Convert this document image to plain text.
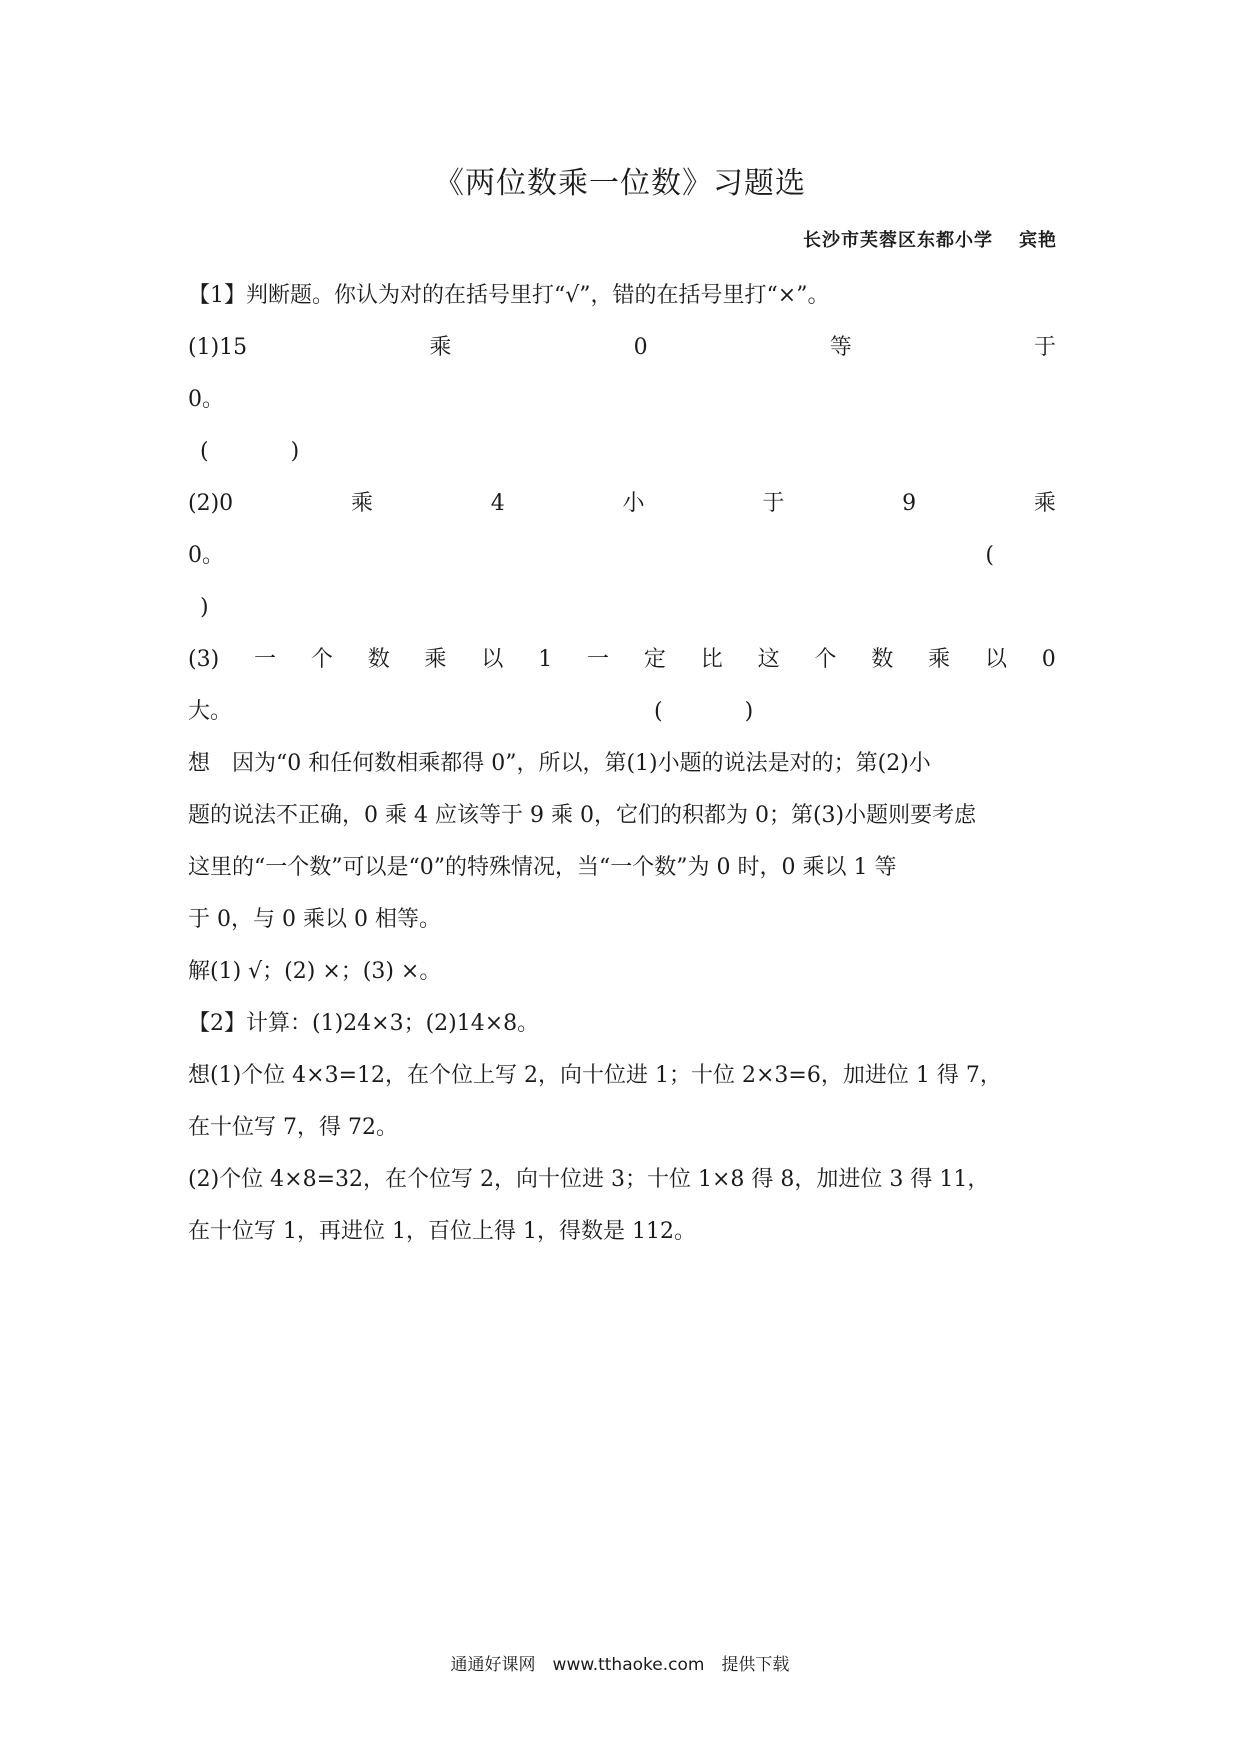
《两位数乘一位数》习题选
长沙市芙蓉区东都小学 宾艳
【1】判断题。你认为对的在括号里打“√”，错的在括号里打“×”。
(1)15	乘	0	等	于
0。
(	)
(2)0	乘	4	小	于	9	乘
0。	(
)
(3) 一 个 数 乘 以 1 一 定 比 这 个 数 乘 以 0
大。	(	)
想　因为“0 和任何数相乘都得 0”，所以，第(1)小题的说法是对的；第(2)小
题的说法不正确，0 乘 4 应该等于 9 乘 0，它们的积都为 0；第(3)小题则要考虑
这里的“一个数”可以是“0”的特殊情况，当“一个数”为 0 时，0 乘以 1 等
于 0，与 0 乘以 0 相等。
解(1) √；(2) ×；(3) ×。
【2】计算：(1)24×3；(2)14×8。
想(1)个位 4×3=12，在个位上写 2，向十位进 1；十位 2×3=6，加进位 1 得 7，
在十位写 7，得 72。
(2)个位 4×8=32，在个位写 2，向十位进 3；十位 1×8 得 8，加进位 3 得 11，
在十位写 1，再进位 1，百位上得 1，得数是 112。
通通好课网　www.tthaoke.com　提供下载
